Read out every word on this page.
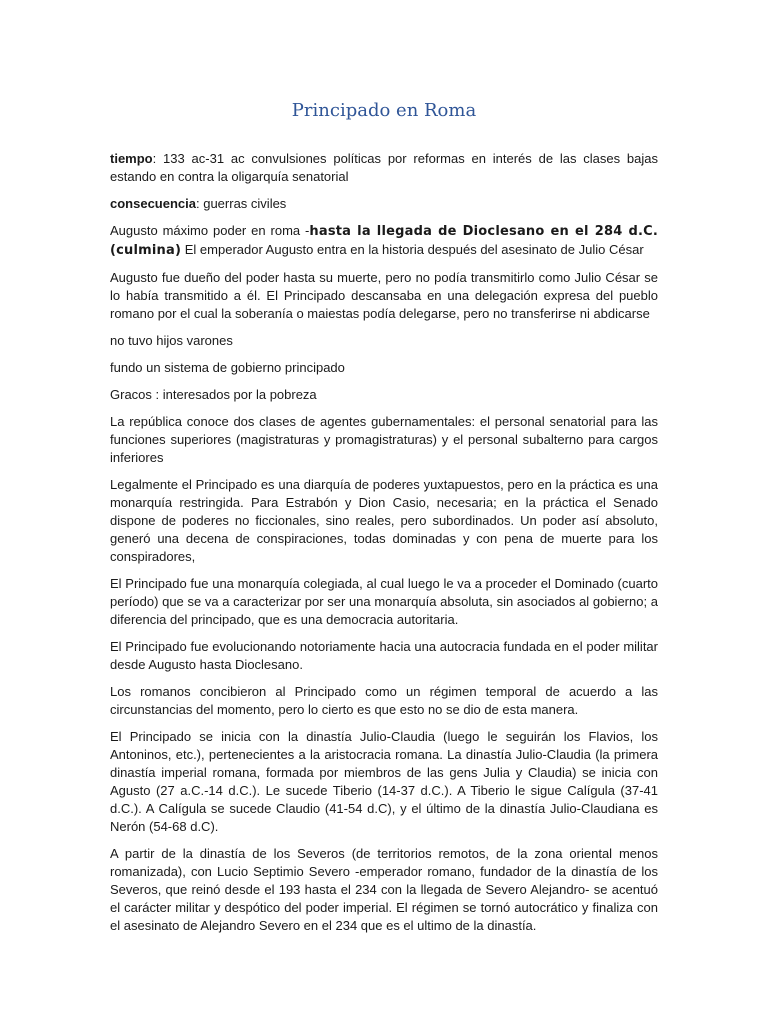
Principado en Roma

tiempo: 133 ac-31 ac convulsiones políticas por reformas en interés de las clases bajas estando en contra la oligarquía senatorial

consecuencia: guerras civiles

Augusto máximo poder en roma -hasta la llegada de Dioclesano en el 284 d.C. (culmina) El emperador Augusto entra en la historia después del asesinato de Julio César

Augusto fue dueño del poder hasta su muerte, pero no podía transmitirlo como Julio César se lo había transmitido a él. El Principado descansaba en una delegación expresa del pueblo romano por el cual la soberanía o maiestas podía delegarse, pero no transferirse ni abdicarse

no tuvo hijos varones

fundo un sistema de gobierno principado

Gracos : interesados por la pobreza

La república conoce dos clases de agentes gubernamentales: el personal senatorial para las funciones superiores (magistraturas y promagistraturas) y el personal subalterno para cargos inferiores

Legalmente el Principado es una diarquía de poderes yuxtapuestos, pero en la práctica es una monarquía restringida. Para Estrabón y Dion Casio, necesaria; en la práctica el Senado dispone de poderes no ficcionales, sino reales, pero subordinados. Un poder así absoluto, generó una decena de conspiraciones, todas dominadas y con pena de muerte para los conspiradores,

El Principado fue una monarquía colegiada, al cual luego le va a proceder el Dominado (cuarto período) que se va a caracterizar por ser una monarquía absoluta, sin asociados al gobierno; a diferencia del principado, que es una democracia autoritaria.

El Principado fue evolucionando notoriamente hacia una autocracia fundada en el poder militar desde Augusto hasta Dioclesano.

Los romanos concibieron al Principado como un régimen temporal de acuerdo a las circunstancias del momento, pero lo cierto es que esto no se dio de esta manera.

El Principado se inicia con la dinastía Julio-Claudia (luego le seguirán los Flavios, los Antoninos, etc.), pertenecientes a la aristocracia romana. La dinastía Julio-Claudia (la primera dinastía imperial romana, formada por miembros de las gens Julia y Claudia) se inicia con Agusto (27 a.C.-14 d.C.). Le sucede Tiberio (14-37 d.C.). A Tiberio le sigue Calígula (37-41 d.C.). A Calígula se sucede Claudio (41-54 d.C), y el último de la dinastía Julio-Claudiana es Nerón (54-68 d.C).

A partir de la dinastía de los Severos (de territorios remotos, de la zona oriental menos romanizada), con Lucio Septimio Severo -emperador romano, fundador de la dinastía de los Severos, que reinó desde el 193 hasta el 234 con la llegada de Severo Alejandro- se acentuó el carácter militar y despótico del poder imperial. El régimen se tornó autocrático y finaliza con el asesinato de Alejandro Severo en el 234 que es el ultimo de la dinastía.
